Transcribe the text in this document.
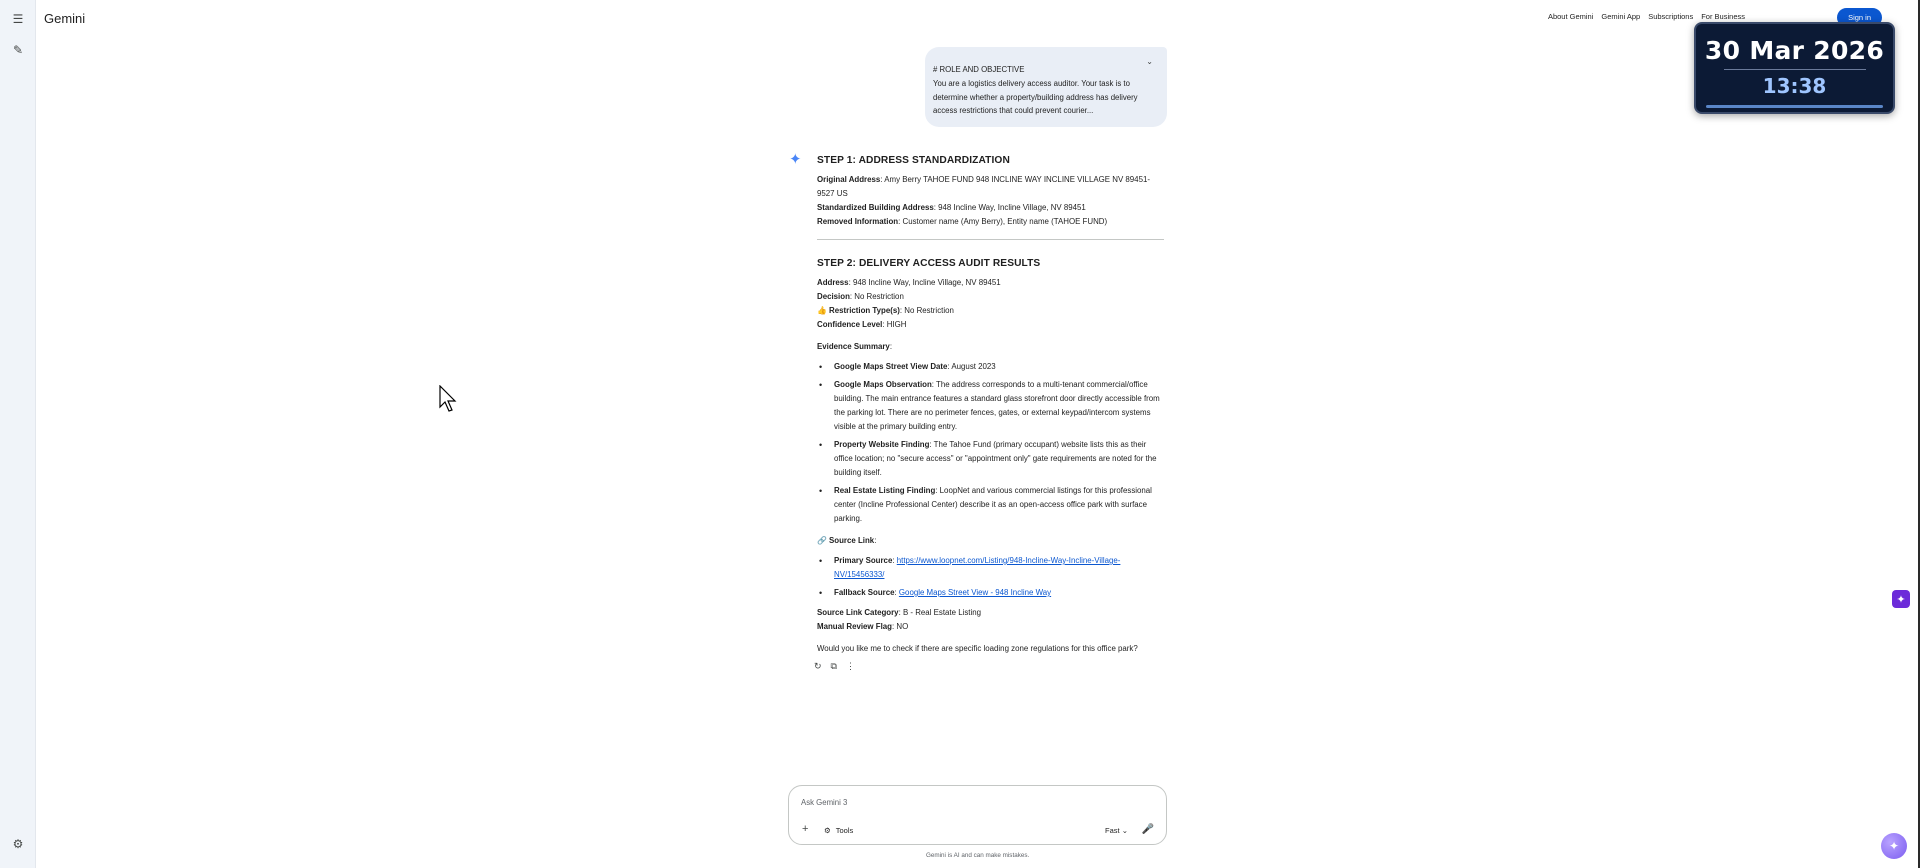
☰
✎
⚙
Gemini	About Gemini Gemini App Subscriptions For Business	Sign in
30 Mar 2026
13:38
✦
✦
⌄
# ROLE AND OBJECTIVE
You are a logistics delivery access auditor. Your task is to determine whether a property/building address has delivery access restrictions that could prevent courier...
✦ STEP 1: ADDRESS STANDARDIZATION

Original Address: Amy Berry TAHOE FUND 948 INCLINE WAY INCLINE VILLAGE NV 89451-9527 US

Standardized Building Address: 948 Incline Way, Incline Village, NV 89451

Removed Information: Customer name (Amy Berry), Entity name (TAHOE FUND)

STEP 2: DELIVERY ACCESS AUDIT RESULTS

Address: 948 Incline Way, Incline Village, NV 89451

Decision: No Restriction

👍 Restriction Type(s): No Restriction

Confidence Level: HIGH

Evidence Summary:

• Google Maps Street View Date: August 2023
• Google Maps Observation: The address corresponds to a multi-tenant commercial/office building. The main entrance features a standard glass storefront door directly accessible from the parking lot. There are no perimeter fences, gates, or external keypad/intercom systems visible at the primary building entry.
• Property Website Finding: The Tahoe Fund (primary occupant) website lists this as their office location; no "secure access" or "appointment only" gate requirements are noted for the building itself.
• Real Estate Listing Finding: LoopNet and various commercial listings for this professional center (Incline Professional Center) describe it as an open-access office park with surface parking.

🔗 Source Link:

• Primary Source: https://www.loopnet.com/Listing/948-Incline-Way-Incline-Village-NV/15456333/
• Fallback Source: Google Maps Street View - 948 Incline Way

Source Link Category: B - Real Estate Listing

Manual Review Flag: NO

Would you like me to check if there are specific loading zone regulations for this office park?

↻ ⧉ ⋮
Ask Gemini 3
+ ⚙ Tools	Fast ⌄ 🎤
Gemini is AI and can make mistakes.
